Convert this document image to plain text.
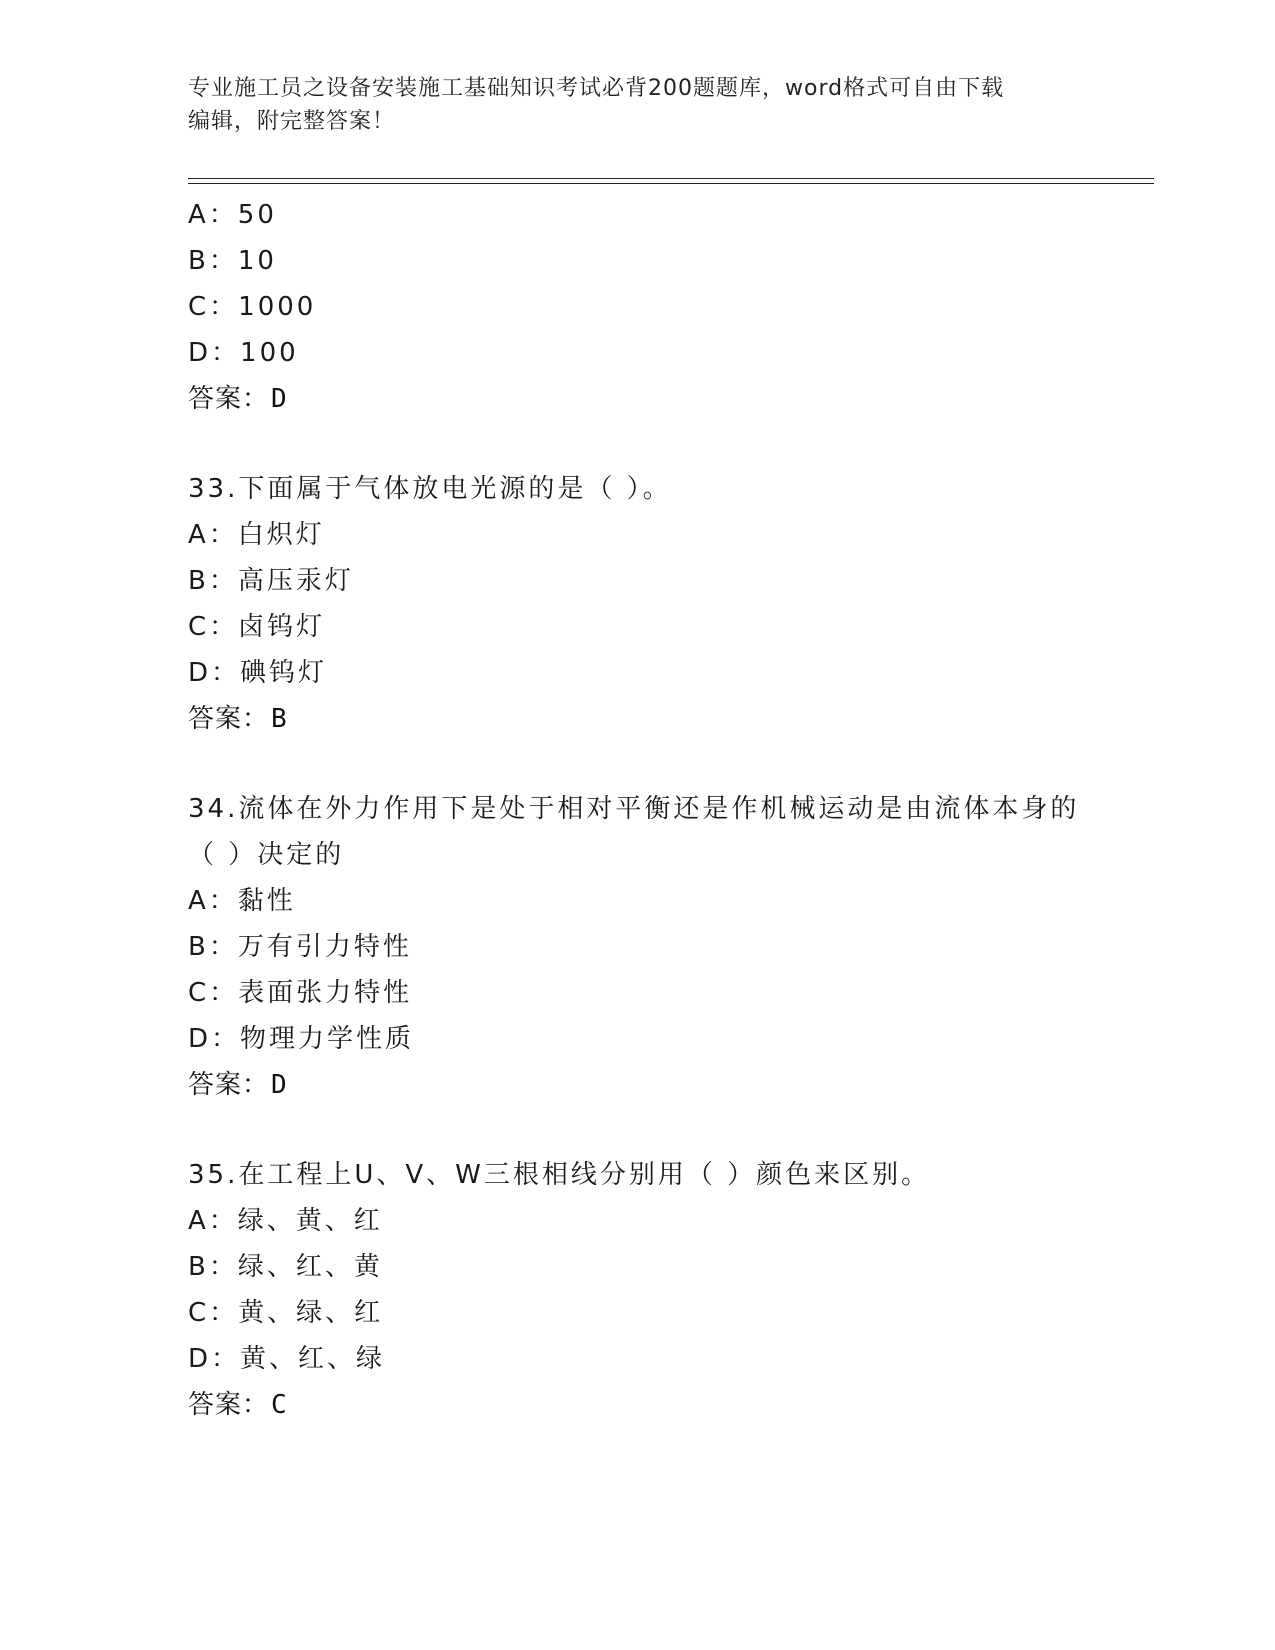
专业施工员之设备安装施工基础知识考试必背200题题库，word格式可自由下载
编辑，附完整答案！
A：50
B：10
C：1000
D：100
答案：D
33.下面属于气体放电光源的是（ ）。
A：白炽灯
B：高压汞灯
C：卤钨灯
D：碘钨灯
答案：B
34.流体在外力作用下是处于相对平衡还是作机械运动是由流体本身的
（ ）决定的
A：黏性
B：万有引力特性
C：表面张力特性
D：物理力学性质
答案：D
35.在工程上U、V、W三根相线分别用（ ）颜色来区别。
A：绿、黄、红
B：绿、红、黄
C：黄、绿、红
D：黄、红、绿
答案：C
